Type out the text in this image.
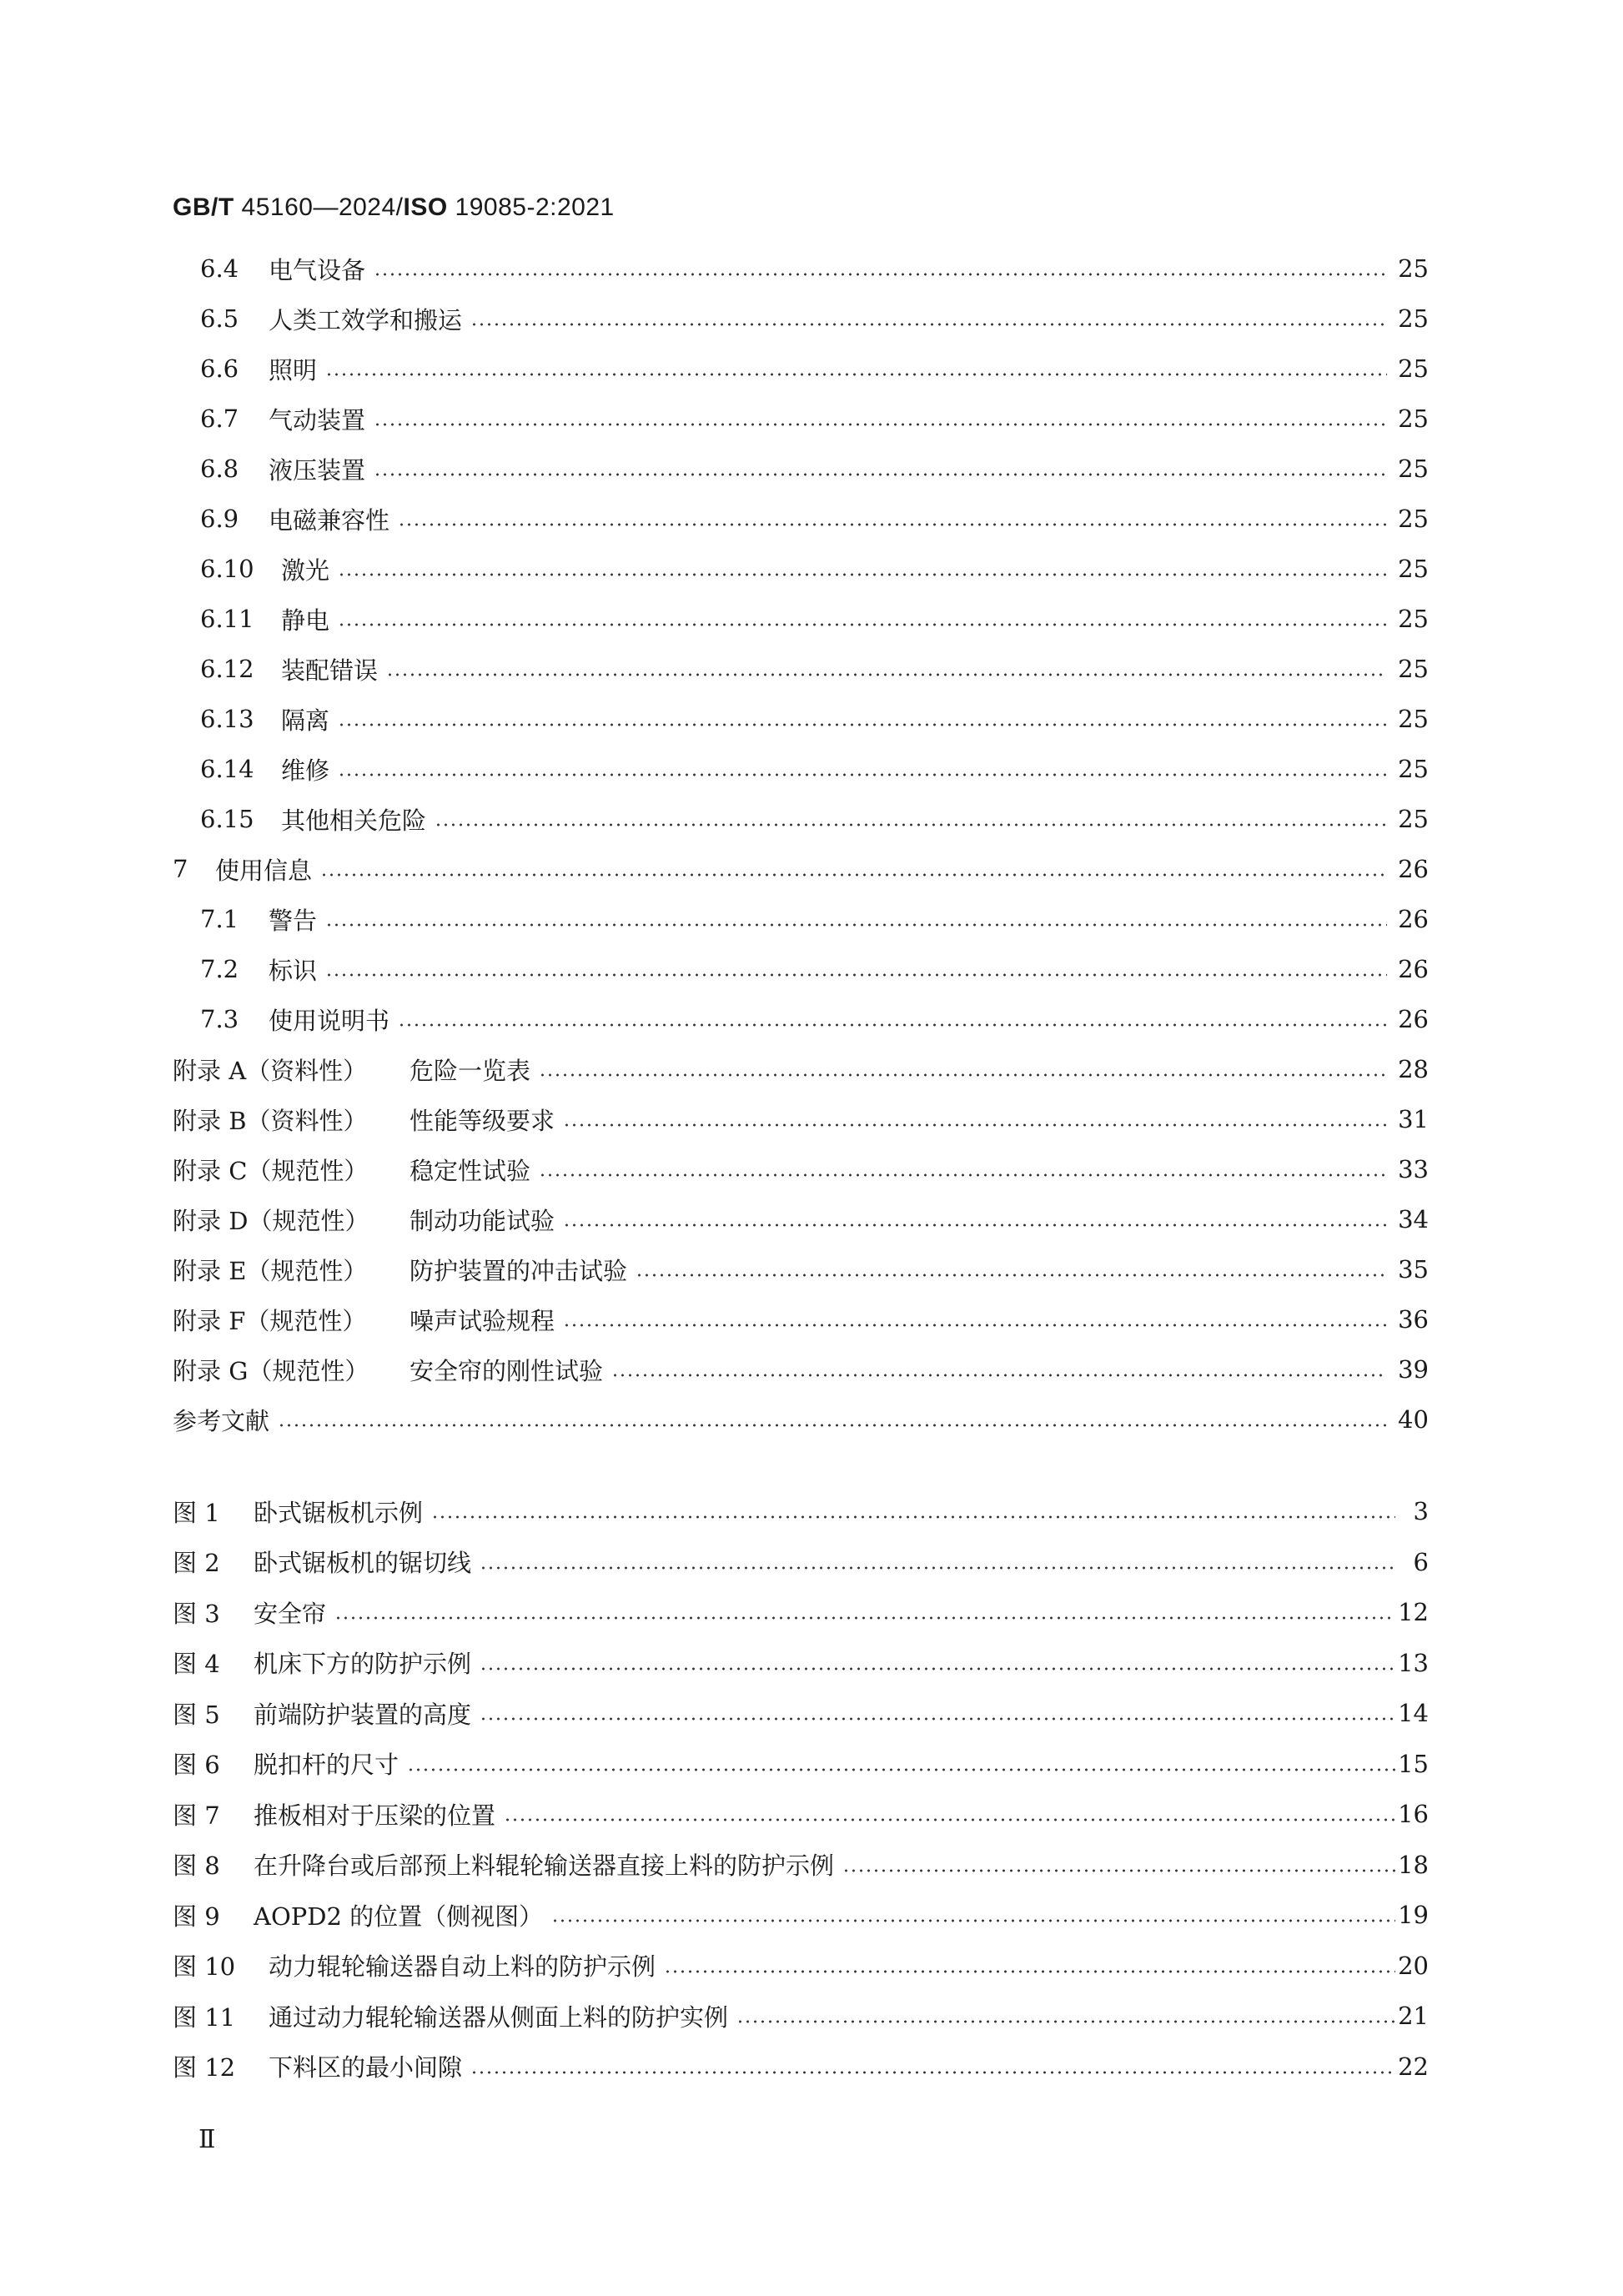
GB/T 45160—2024/ISO 19085-2:2021
6.4 电气设备	25
6.5 人类工效学和搬运	25
6.6 照明	25
6.7 气动装置	25
6.8 液压装置	25
6.9 电磁兼容性	25
6.10 激光	25
6.11 静电	25
6.12 装配错误	25
6.13 隔离	25
6.14 维修	25
6.15 其他相关危险	25
7 使用信息	26
7.1 警告	26
7.2 标识	26
7.3 使用说明书	26
附录 A（资料性） 危险一览表	28
附录 B（资料性） 性能等级要求	31
附录 C（规范性） 稳定性试验	33
附录 D（规范性） 制动功能试验	34
附录 E（规范性） 防护装置的冲击试验	35
附录 F（规范性） 噪声试验规程	36
附录 G（规范性） 安全帘的刚性试验	39
参考文献	40
图 1 卧式锯板机示例	3
图 2 卧式锯板机的锯切线	6
图 3 安全帘	12
图 4 机床下方的防护示例	13
图 5 前端防护装置的高度	14
图 6 脱扣杆的尺寸	15
图 7 推板相对于压梁的位置	16
图 8 在升降台或后部预上料辊轮输送器直接上料的防护示例	18
图 9 AOPD2 的位置（侧视图）	19
图 10 动力辊轮输送器自动上料的防护示例	20
图 11 通过动力辊轮输送器从侧面上料的防护实例	21
图 12 下料区的最小间隙	22
Ⅱ
